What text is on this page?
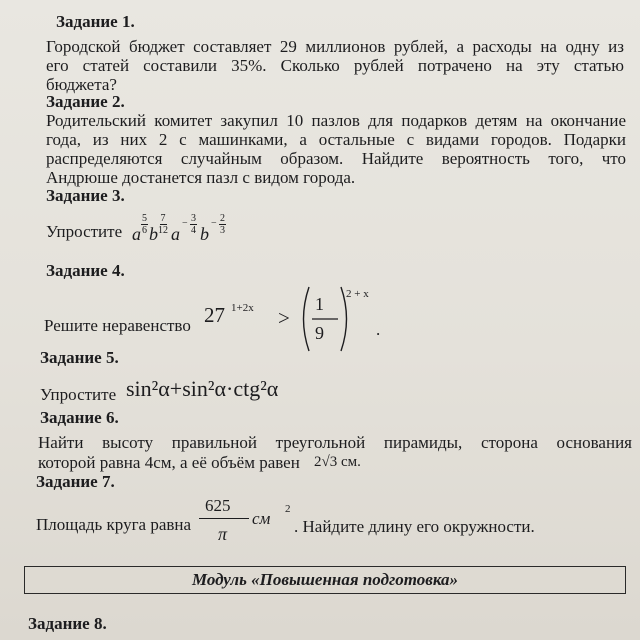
Задание 1.
Городской бюджет составляет 29 миллионов рублей, а расходы на одну из
его статей составили 35%. Сколько рублей потрачено на эту статью
бюджета?
Задание 2.
Родительский комитет закупил 10 пазлов для подарков детям на окончание
года, из них 2 с машинками, а остальные с видами городов. Подарки
распределяются случайным образом. Найдите вероятность того, что
Андрюше достанется пазл с видом города.
Задание 3.
Упростите a $\frac{5}{6}$ b $\frac{7}{12}$ a
− $\frac{3}{4}$ b
− $\frac{2}{3}$
Задание 4.
Решите неравенство 27 1+2x >
1
9
2 + x
.
Задание 5.
Упростите sin²α+sin²α·ctg²α
Задание 6.
Найти высоту правильной треугольной пирамиды, сторона основания
которой равна 4см, а её объём равен 2√3 см.
Задание 7.
Площадь круга равна
625
π
см 2
. Найдите длину его окружности.
Модуль «Повышенная подготовка»
Задание 8.
